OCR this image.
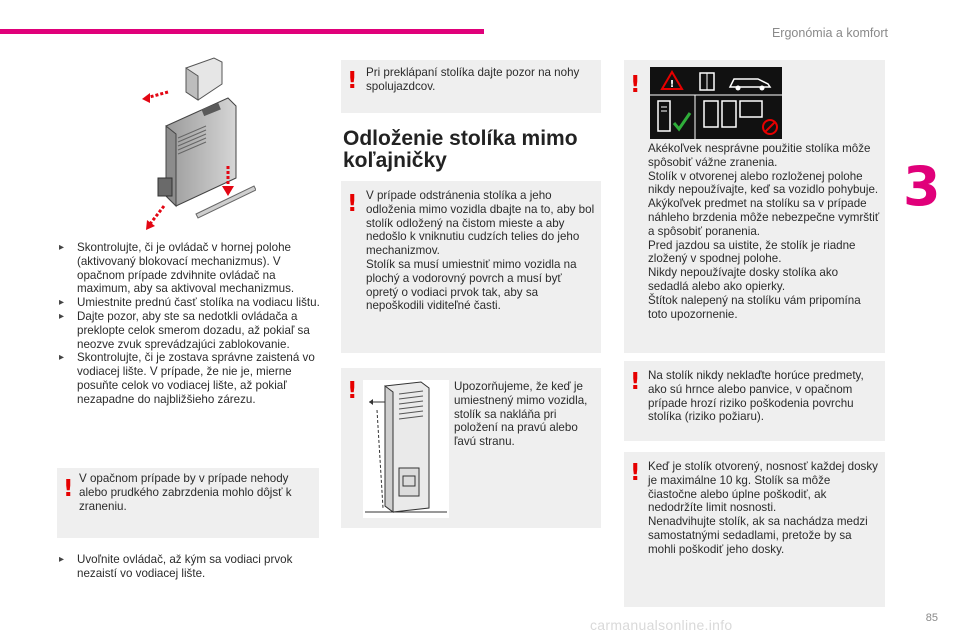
Ergonómia a komfort
3
▸ Skontrolujte, či je ovládač v hornej polohe (aktivovaný blokovací mechanizmus). V opačnom prípade zdvihnite ovládač na maximum, aby sa aktivoval mechanizmus.
▸ Umiestnite prednú časť stolíka na vodiacu lištu.
▸ Dajte pozor, aby ste sa nedotkli ovládača a preklopte celok smerom dozadu, až pokiaľ sa neozve zvuk sprevádzajúci zablokovanie.
▸ Skontrolujte, či je zostava správne zaistená vo vodiacej lište. V prípade, že nie je, mierne posuňte celok vo vodiacej lište, až pokiaľ nezapadne do najbližšieho zárezu.
! V opačnom prípade by v prípade nehody alebo prudkého zabrzdenia mohlo dôjsť k zraneniu.
▸ Uvoľnite ovládač, až kým sa vodiaci prvok nezaistí vo vodiacej lište.
! Pri preklápaní stolíka dajte pozor na nohy spolujazdcov.
Odloženie stolíka mimo koľajničky
! V prípade odstránenia stolíka a jeho odloženia mimo vozidla dbajte na to, aby bol stolík odložený na čistom mieste a aby nedošlo k vniknutiu cudzích telies do jeho mechanizmov.
Stolík sa musí umiestniť mimo vozidla na plochý a vodorovný povrch a musí byť opretý o vodiaci prvok tak, aby sa nepoškodili viditeľné časti.
!	Upozorňujeme, že keď je umiestnený mimo vozidla, stolík sa nakláňa pri položení na pravú alebo ľavú stranu.
!
Akékoľvek nesprávne použitie stolíka môže spôsobiť vážne zranenia.
Stolík v otvorenej alebo rozloženej polohe nikdy nepoužívajte, keď sa vozidlo pohybuje. Akýkoľvek predmet na stolíku sa v prípade náhleho brzdenia môže nebezpečne vymrštiť a spôsobiť poranenia.
Pred jazdou sa uistite, že stolík je riadne zložený v spodnej polohe.
Nikdy nepoužívajte dosky stolíka ako sedadlá alebo ako opierky.
Štítok nalepený na stolíku vám pripomína toto upozornenie.
!
! Na stolík nikdy neklaďte horúce predmety, ako sú hrnce alebo panvice, v opačnom prípade hrozí riziko poškodenia povrchu stolíka (riziko požiaru).
! Keď je stolík otvorený, nosnosť každej dosky je maximálne 10 kg. Stolík sa môže čiastočne alebo úplne poškodiť, ak nedodržíte limit nosnosti.
Nenadvihujte stolík, ak sa nachádza medzi samostatnými sedadlami, pretože by sa mohli poškodiť jeho dosky.
carmanualsonline.info	85
